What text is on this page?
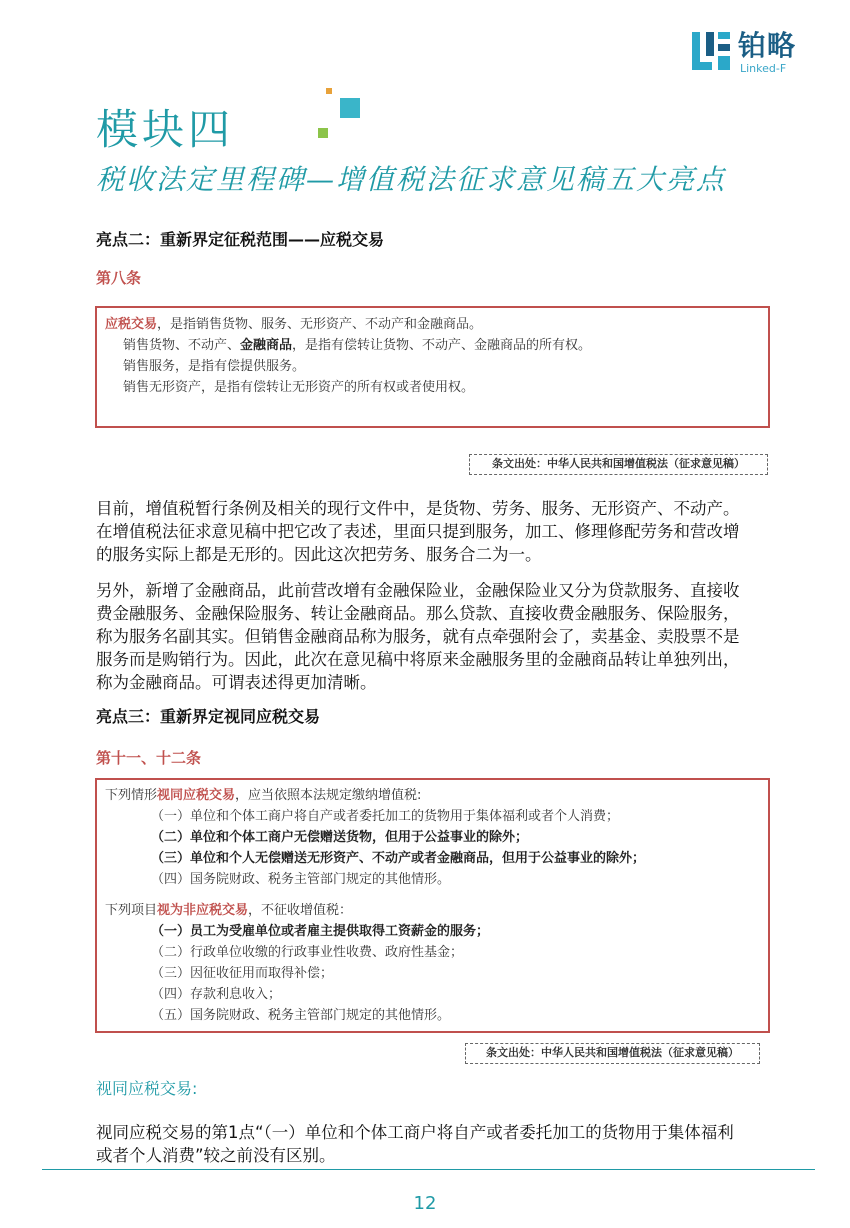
铂略
Linked-F
模块四
税收法定里程碑—增值税法征求意见稿五大亮点
亮点二：重新界定征税范围——应税交易
第八条
应税交易，是指销售货物、服务、无形资产、不动产和金融商品。
销售货物、不动产、金融商品，是指有偿转让货物、不动产、金融商品的所有权。
销售服务，是指有偿提供服务。
销售无形资产，是指有偿转让无形资产的所有权或者使用权。
条文出处：中华人民共和国增值税法（征求意见稿）
目前，增值税暂行条例及相关的现行文件中，是货物、劳务、服务、无形资产、不动产。
在增值税法征求意见稿中把它改了表述，里面只提到服务，加工、修理修配劳务和营改增
的服务实际上都是无形的。因此这次把劳务、服务合二为一。
另外，新增了金融商品，此前营改增有金融保险业，金融保险业又分为贷款服务、直接收
费金融服务、金融保险服务、转让金融商品。那么贷款、直接收费金融服务、保险服务，
称为服务名副其实。但销售金融商品称为服务，就有点牵强附会了，卖基金、卖股票不是
服务而是购销行为。因此，此次在意见稿中将原来金融服务里的金融商品转让单独列出，
称为金融商品。可谓表述得更加清晰。
亮点三：重新界定视同应税交易
第十一、十二条
下列情形视同应税交易，应当依照本法规定缴纳增值税:
（一）单位和个体工商户将自产或者委托加工的货物用于集体福利或者个人消费；
（二）单位和个体工商户无偿赠送货物，但用于公益事业的除外；
（三）单位和个人无偿赠送无形资产、不动产或者金融商品，但用于公益事业的除外；
（四）国务院财政、税务主管部门规定的其他情形。
下列项目视为非应税交易，不征收增值税：
（一）员工为受雇单位或者雇主提供取得工资薪金的服务；
（二）行政单位收缴的行政事业性收费、政府性基金；
（三）因征收征用而取得补偿；
（四）存款利息收入；
（五）国务院财政、税务主管部门规定的其他情形。
条文出处：中华人民共和国增值税法（征求意见稿）
视同应税交易:
视同应税交易的第1点“（一）单位和个体工商户将自产或者委托加工的货物用于集体福利
或者个人消费”较之前没有区别。
12
